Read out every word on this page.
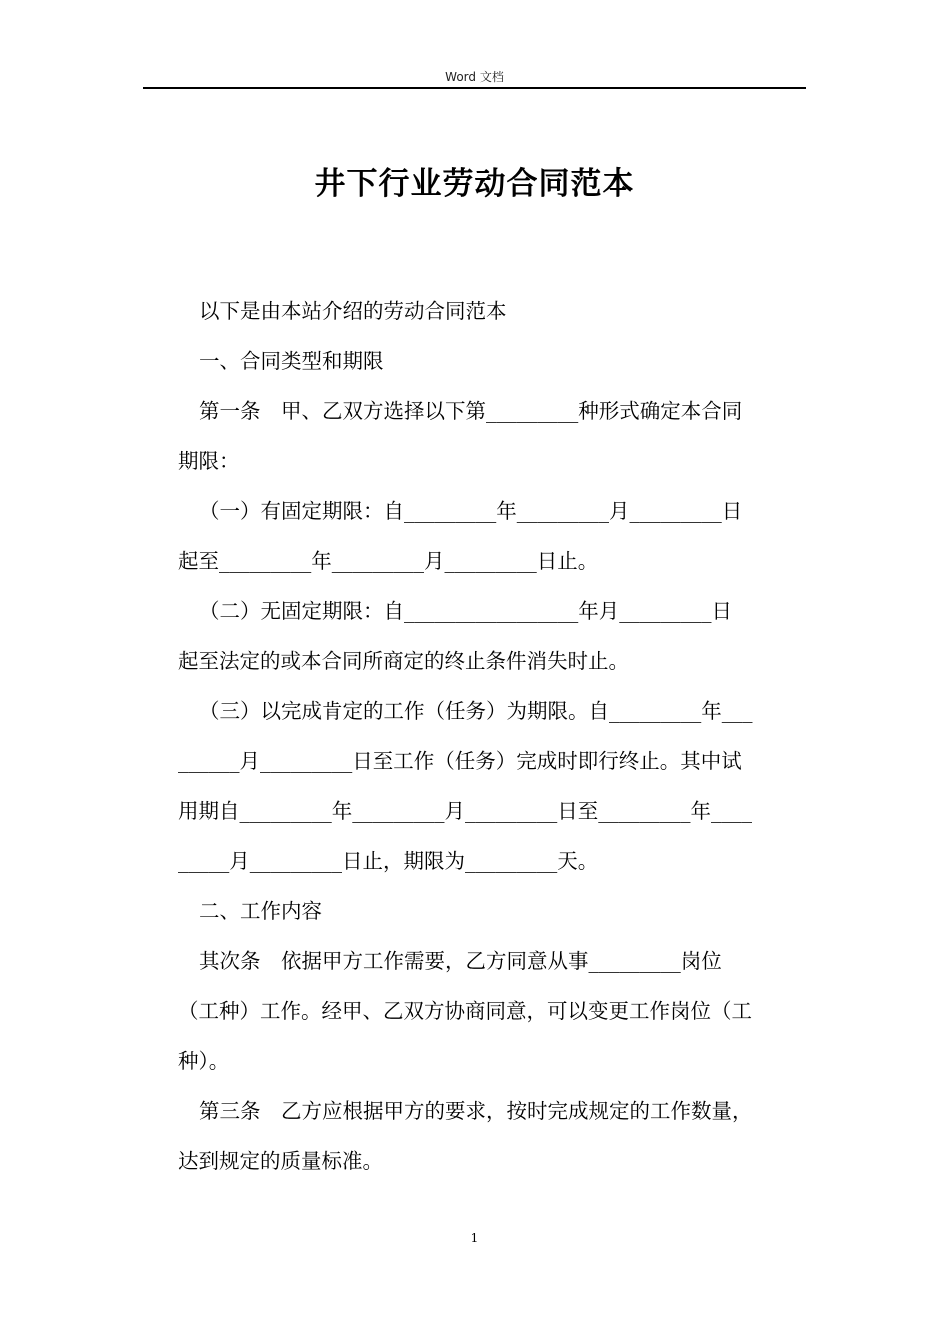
Word 文档
井下行业劳动合同范本

以下是由本站介绍的劳动合同范本

一、合同类型和期限

第一条　甲、乙双方选择以下第_________种形式确定本合同

期限：

（一）有固定期限：自_________年_________月_________日

起至_________年_________月_________日止。

（二）无固定期限：自_________________年月_________日

起至法定的或本合同所商定的终止条件消失时止。

（三）以完成肯定的工作（任务）为期限。自_________年___

______月_________日至工作（任务）完成时即行终止。其中试

用期自_________年_________月_________日至_________年____

_____月_________日止，期限为_________天。

二、工作内容

其次条　依据甲方工作需要，乙方同意从事_________岗位

（工种）工作。经甲、乙双方协商同意，可以变更工作岗位（工

种）。

第三条　乙方应根据甲方的要求，按时完成规定的工作数量，

达到规定的质量标准。

1
